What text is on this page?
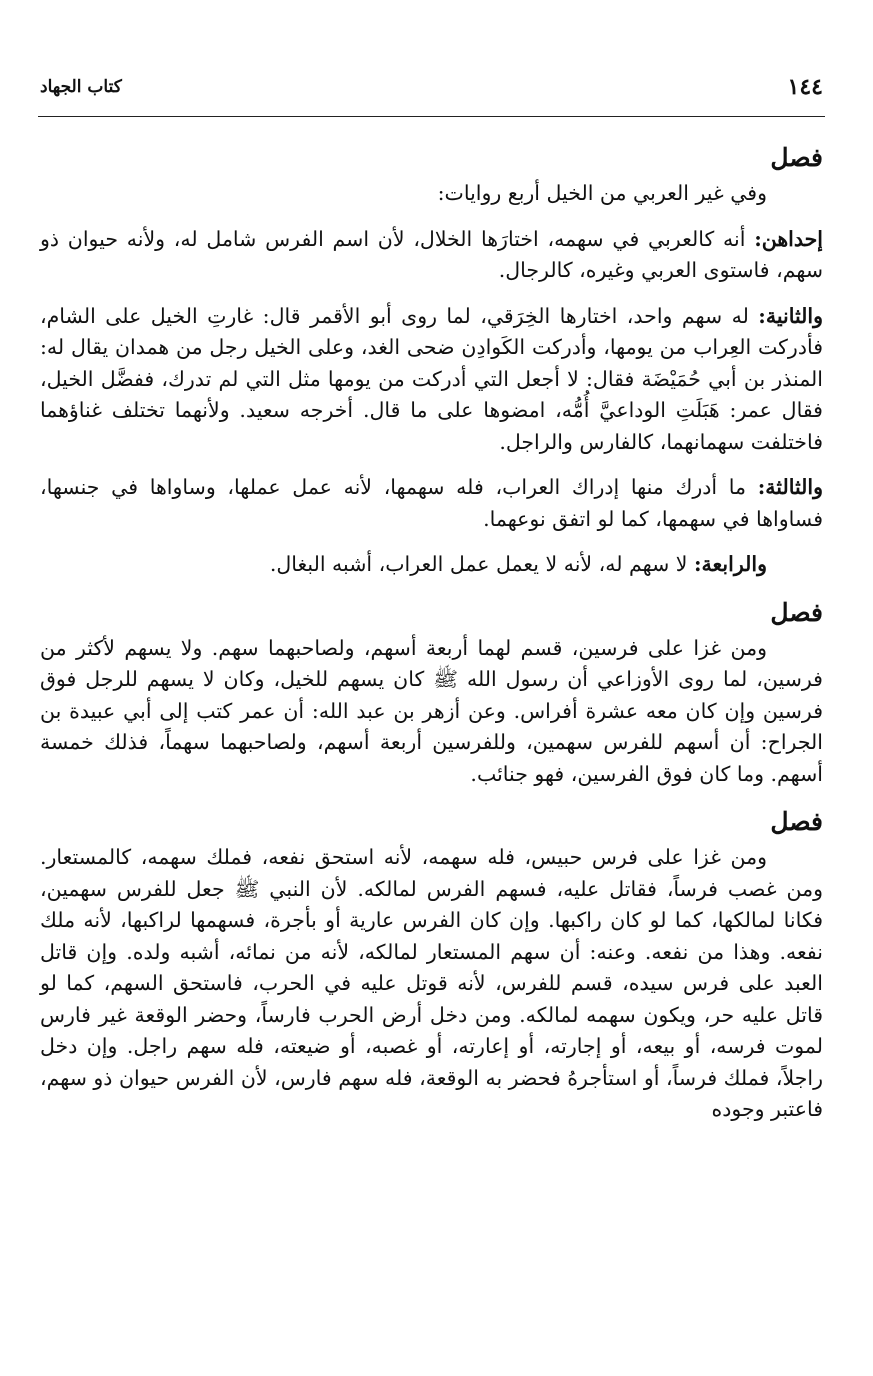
١٤٤
كتاب الجهاد
فصل

وفي غير العربي من الخيل أربع روايات:

إحداهن: أنه كالعربي في سهمه، اختارَها الخلال، لأن اسم الفرس شامل له، ولأنه حيوان ذو سهم، فاستوى العربي وغيره، كالرجال.

والثانية: له سهم واحد، اختارها الخِرَقي، لما روى أبو الأقمر قال: غارتِ الخيل على الشام، فأدركت العِراب من يومها، وأدركت الكَوادِن ضحى الغد، وعلى الخيل رجل من همدان يقال له: المنذر بن أبي حُمَيْضَة فقال: لا أجعل التي أدركت من يومها مثل التي لم تدرك، ففضَّل الخيل، فقال عمر: هَبَلَتِ الوداعيَّ أُمُّه، امضوها على ما قال. أخرجه سعيد. ولأنهما تختلف غناؤهما فاختلفت سهمانهما، كالفارس والراجل.

والثالثة: ما أدرك منها إدراك العراب، فله سهمها، لأنه عمل عملها، وساواها في جنسها، فساواها في سهمها، كما لو اتفق نوعهما.

والرابعة: لا سهم له، لأنه لا يعمل عمل العراب، أشبه البغال.

فصل

ومن غزا على فرسين، قسم لهما أربعة أسهم، ولصاحبهما سهم. ولا يسهم لأكثر من فرسين، لما روى الأوزاعي أن رسول الله ﷺ كان يسهم للخيل، وكان لا يسهم للرجل فوق فرسين وإن كان معه عشرة أفراس. وعن أزهر بن عبد الله: أن عمر كتب إلى أبي عبيدة بن الجراح: أن أسهم للفرس سهمين، وللفرسين أربعة أسهم، ولصاحبهما سهماً، فذلك خمسة أسهم. وما كان فوق الفرسين، فهو جنائب.

فصل

ومن غزا على فرس حبيس، فله سهمه، لأنه استحق نفعه، فملك سهمه، كالمستعار. ومن غصب فرساً، فقاتل عليه، فسهم الفرس لمالكه. لأن النبي ﷺ جعل للفرس سهمين، فكانا لمالكها، كما لو كان راكبها. وإن كان الفرس عارية أو بأجرة، فسهمها لراكبها، لأنه ملك نفعه. وهذا من نفعه. وعنه: أن سهم المستعار لمالكه، لأنه من نمائه، أشبه ولده. وإن قاتل العبد على فرس سيده، قسم للفرس، لأنه قوتل عليه في الحرب، فاستحق السهم، كما لو قاتل عليه حر، ويكون سهمه لمالكه. ومن دخل أرض الحرب فارساً، وحضر الوقعة غير فارس لموت فرسه، أو بيعه، أو إجارته، أو إعارته، أو غصبه، أو ضيعته، فله سهم راجل. وإن دخل راجلاً، فملك فرساً، أو استأجرهُ فحضر به الوقعة، فله سهم فارس، لأن الفرس حيوان ذو سهم، فاعتبر وجوده
